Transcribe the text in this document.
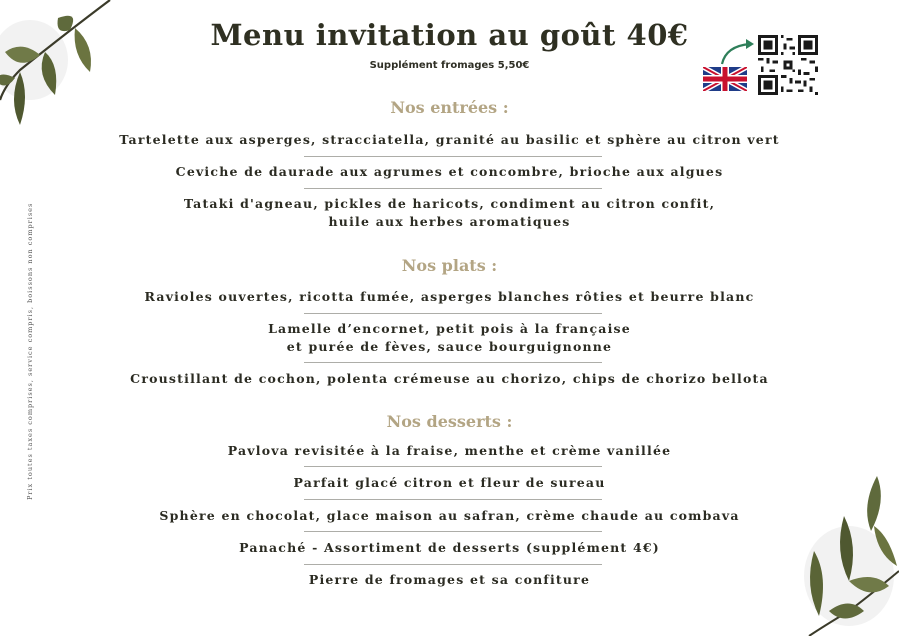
Menu invitation au goût 40€
Supplément fromages 5,50€
Prix toutes taxes comprises, service compris, boissons non comprises
Nos entrées :
Tartelette aux asperges, stracciatella, granité au basilic et sphère au citron vert
Ceviche de daurade aux agrumes et concombre, brioche aux algues
Tataki d'agneau, pickles de haricots, condiment au citron confit,
huile aux herbes aromatiques
Nos plats :
Ravioles ouvertes, ricotta fumée, asperges blanches rôties et beurre blanc
Lamelle d’encornet, petit pois à la française
et purée de fèves, sauce bourguignonne
Croustillant de cochon, polenta crémeuse au chorizo, chips de chorizo bellota
Nos desserts :
Pavlova revisitée à la fraise, menthe et crème vanillée
Parfait glacé citron et fleur de sureau
Sphère en chocolat, glace maison au safran, crème chaude au combava
Panaché - Assortiment de desserts (supplément 4€)
Pierre de fromages et sa confiture
